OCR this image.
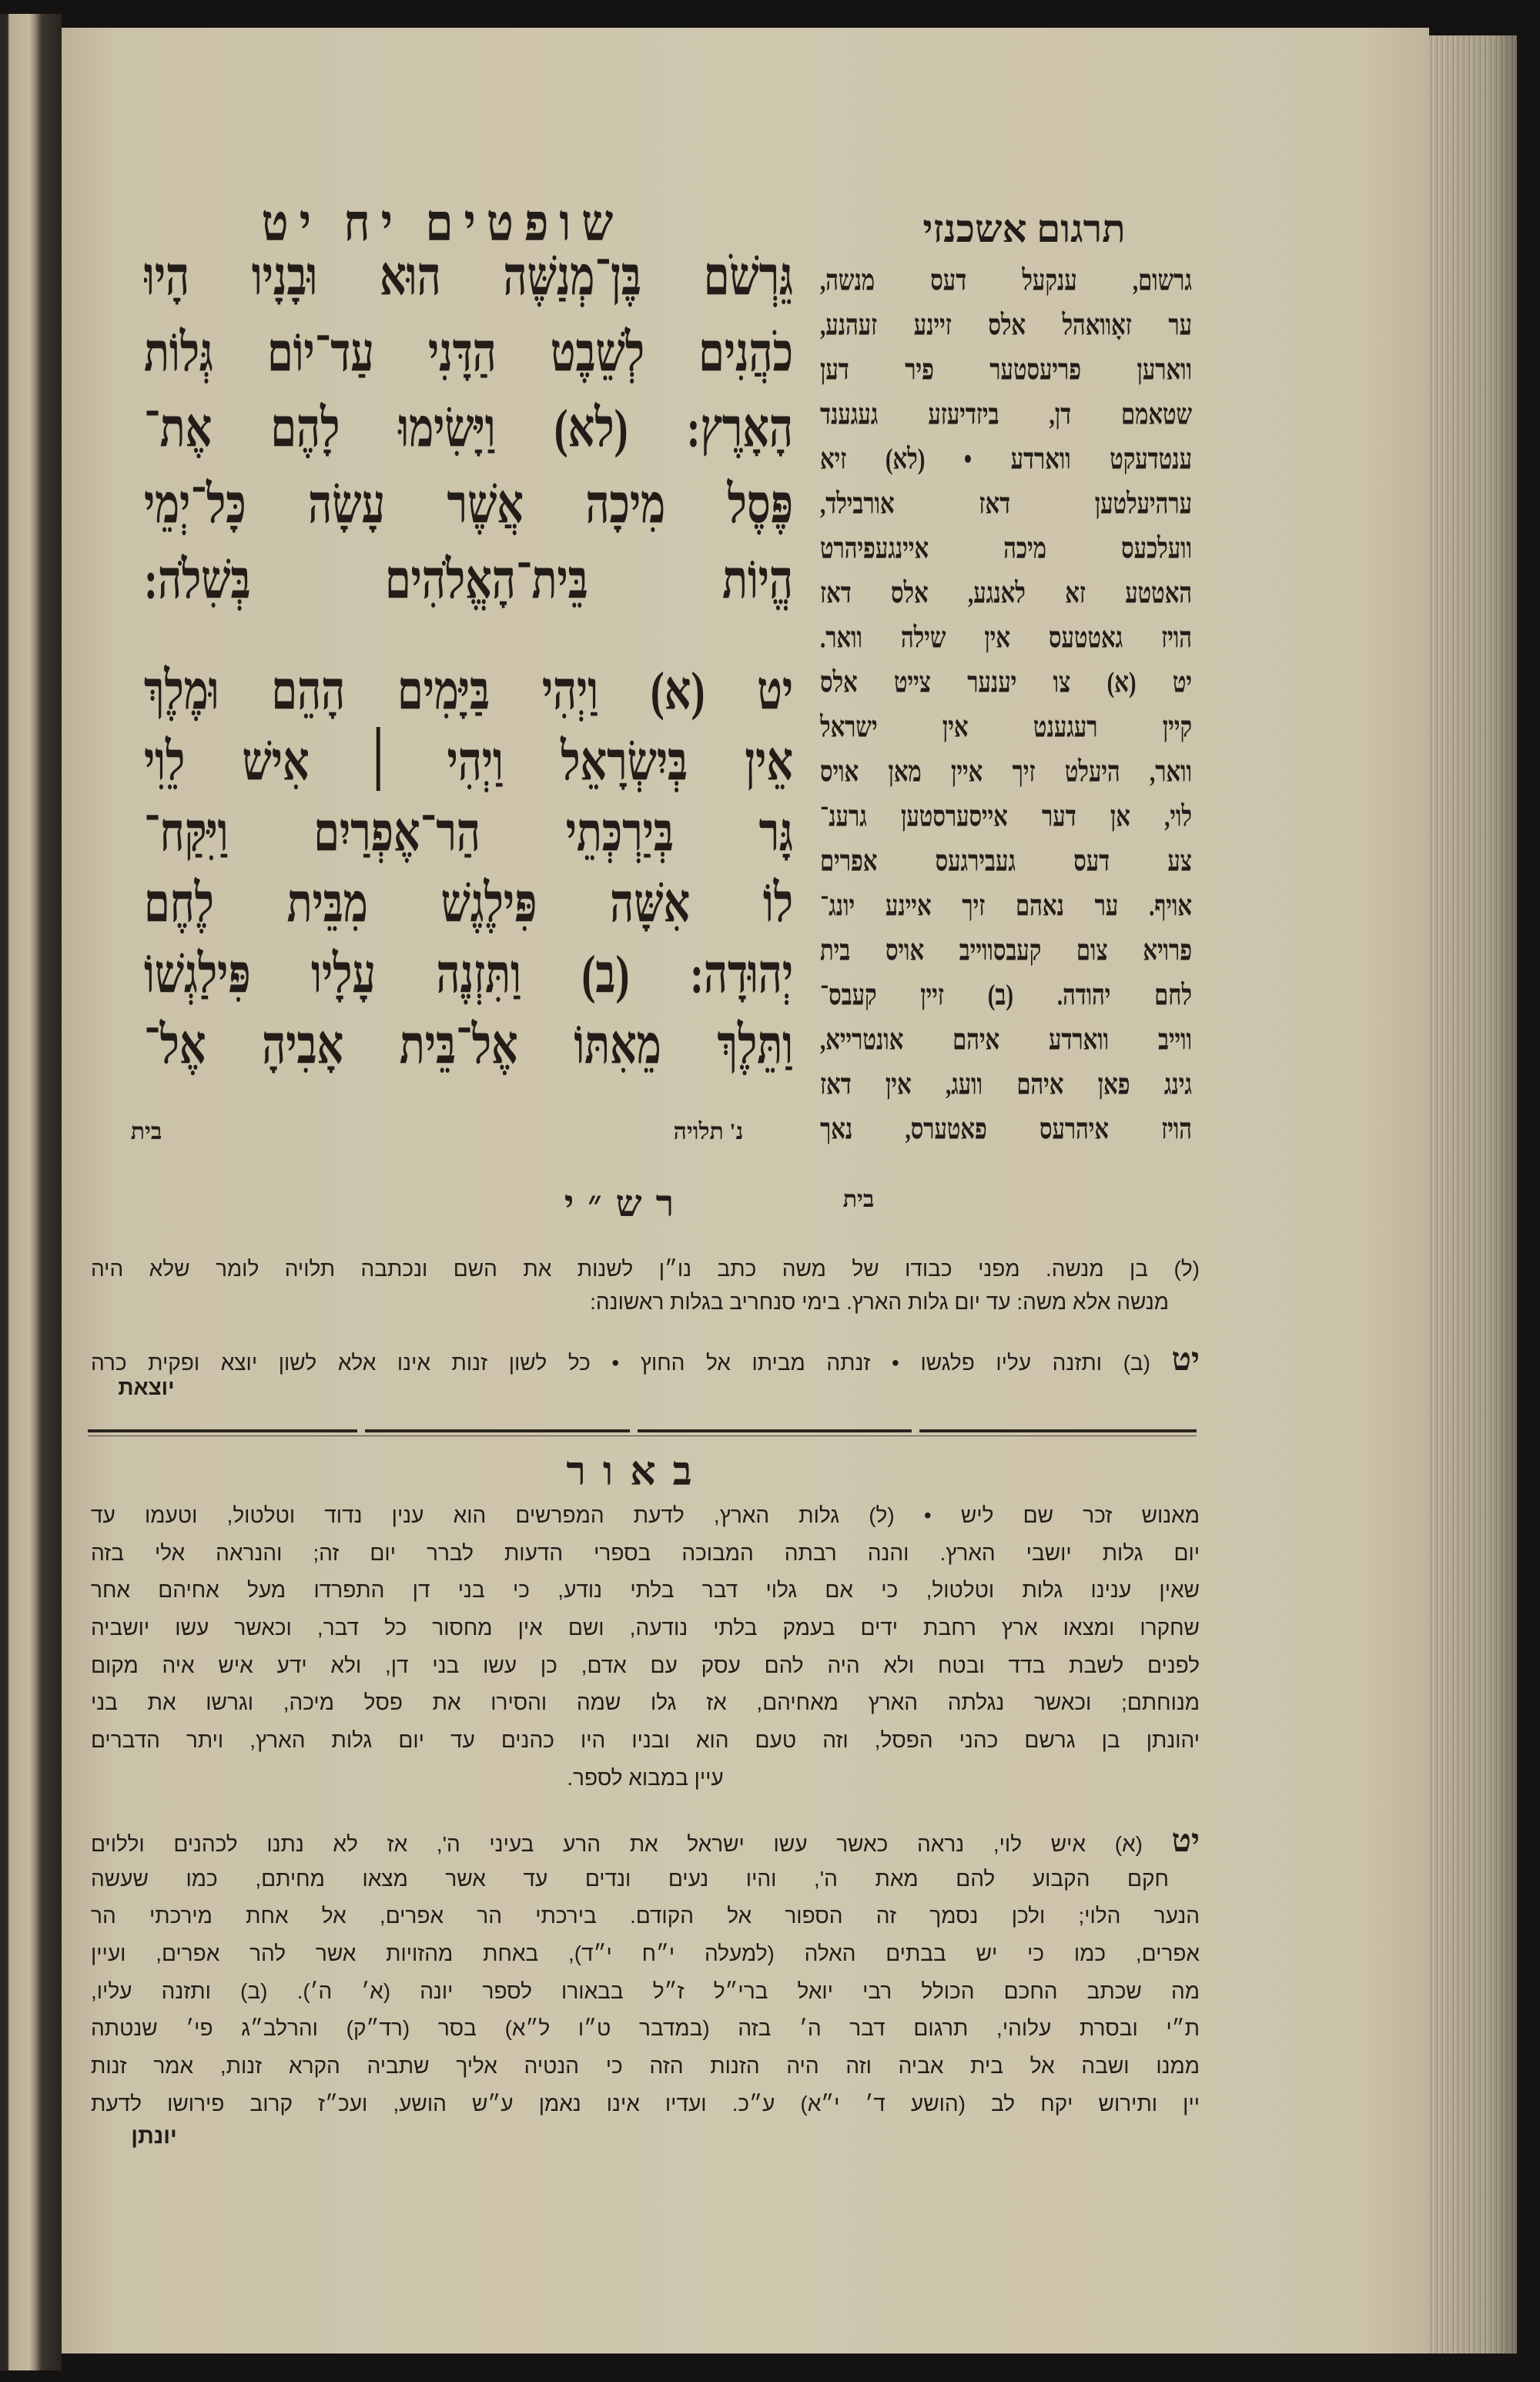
שופטים יח יט	תרגום אשכנזי
גֵּרְשֹׁם בֶּן־מְנַשֶּׁה הוּא וּבָנָיו הָיוּ
כֹהֲנִים לְשֵׁבֶט הַדָּנִי עַד־יוֹם גְּלוֹת
הָאָרֶץ: (לא) וַיָּשִׂימוּ לָהֶם אֶת־
פֶּסֶל מִיכָה אֲשֶׁר עָשָׂה כָּל־יְמֵי
הֱיוֹת בֵּית־הָאֱלֹהִים בְּשִׁלֹה:
יט (א) וַיְהִי בַּיָּמִים הָהֵם וּמֶלֶךְ
אֵין בְּיִשְׂרָאֵל וַיְהִי ׀ אִישׁ לֵוִי
גָּר בְּיַרְכְּתֵי הַר־אֶפְרַיִם וַיִּקַּח־
לוֹ אִשָּׁה פִּילֶגֶשׁ מִבֵּית לֶחֶם
יְהוּדָה: (ב) וַתִּזְנֶה עָלָיו פִּילַגְשׁוֹ
וַתֵּלֶךְ מֵאִתּוֹ אֶל־בֵּית אָבִיהָ אֶל־
נ' תלויה
בית
גרשום, ענקעל דעס מנשה,
ער זאָוואהל אלס זיינע זעהנע,
ווארען פריעסטער פיר דען
שטאמם דן, ביזדיעזע געגענד
ענטדעקט ווארדע • (לא) זיא
ערהיעלטען דאז אורבילד,
וועלכעס מיכה איינגעפיהרט
האטטע זא לאנגע, אלס דאז
הויז גאטטעס אין שילה וואר.
יט (א) צו יענער צייט אלס
קיין רעגענט אין ישראל
וואר, היעלט זיך איין מאן אויס
לוי, אן דער אייסערסטען גרענ־
צע דעס געבירגעס אפרים
אויף. ער נאהם זיך איינע יונג־
פרויא צום קעבסווייב אויס בית
לחם יהודה. (ב) זיין קעבס־
ווייב ווארדע איהם אונטרייא,
גינג פאן איהם וועג, אין דאז
הויז איהרעס פאטערס, נאך
בית
רש״י
(ל) בן מנשה. מפני כבודו של משה כתב נו״ן לשנות את השם ונכתבה תלויה לומר שלא היה
מנשה אלא משה: עד יום גלות הארץ. בימי סנחריב בגלות ראשונה:
יט (ב) ותזנה עליו פלגשו • זנתה מביתו אל החוץ • כל לשון זנות אינו אלא לשון יוצא ופקית כרה
יוצאת
באור
מאנוש זכר שם ליש • (ל) גלות הארץ, לדעת המפרשים הוא ענין נדוד וטלטול, וטעמו עד
יום גלות יושבי הארץ. והנה רבתה המבוכה בספרי הדעות לברר יום זה; והנראה אלי בזה
שאין ענינו גלות וטלטול, כי אם גלוי דבר בלתי נודע, כי בני דן התפרדו מעל אחיהם אחר
שחקרו ומצאו ארץ רחבת ידים בעמק בלתי נודעה, ושם אין מחסור כל דבר, וכאשר עשו יושביה
לפנים לשבת בדד ובטח ולא היה להם עסק עם אדם, כן עשו בני דן, ולא ידע איש איה מקום
מנוחתם; וכאשר נגלתה הארץ מאחיהם, אז גלו שמה והסירו את פסל מיכה, וגרשו את בני
יהונתן בן גרשם כהני הפסל, וזה טעם הוא ובניו היו כהנים עד יום גלות הארץ, ויתר הדברים
עיין במבוא לספר.
יט (א) איש לוי, נראה כאשר עשו ישראל את הרע בעיני ה', אז לא נתנו לכהנים וללוים
חקם הקבוע להם מאת ה', והיו נעים ונדים עד אשר מצאו מחיתם, כמו שעשה
הנער הלוי; ולכן נסמך זה הספור אל הקודם. בירכתי הר אפרים, אל אחת מירכתי הר
אפרים, כמו כי יש בבתים האלה (למעלה י״ח י״ד), באחת מהזויות אשר להר אפרים, ועיין
מה שכתב החכם הכולל רבי יואל ברי״ל ז״ל בבאורו לספר יונה (א׳ ה׳). (ב) ותזנה עליו,
ת״י ובסרת עלוהי, תרגום דבר ה׳ בזה (במדבר ט״ו ל״א) בסר (רד״ק) והרלב״ג פי׳ שנטתה
ממנו ושבה אל בית אביה וזה היה הזנות הזה כי הנטיה אליך שתביה הקרא זנות, אמר זנות
יין ותירוש יקח לב (הושע ד׳ י״א) ע״כ. ועדיו אינו נאמן ע״ש הושע, ועכ״ז קרוב פירושו לדעת
יונתן
